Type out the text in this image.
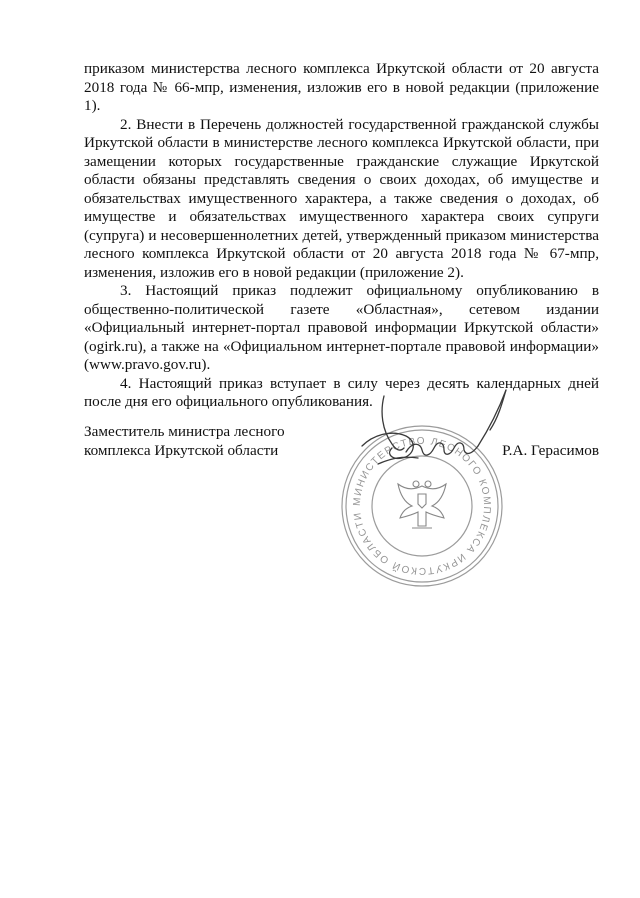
приказом министерства лесного комплекса Иркутской области от 20 августа 2018 года № 66-мпр, изменения, изложив его в новой редакции (приложение 1).

2. Внести в Перечень должностей государственной гражданской службы Иркутской области в министерстве лесного комплекса Иркутской области, при замещении которых государственные гражданские служащие Иркутской области обязаны представлять сведения о своих доходах, об имуществе и обязательствах имущественного характера, а также сведения о доходах, об имуществе и обязательствах имущественного характера своих супруги (супруга) и несовершеннолетних детей, утвержденный приказом министерства лесного комплекса Иркутской области от 20 августа 2018 года № 67-мпр, изменения, изложив его в новой редакции (приложение 2).

3. Настоящий приказ подлежит официальному опубликованию в общественно-политической газете «Областная», сетевом издании «Официальный интернет-портал правовой информации Иркутской области» (ogirk.ru), а также на «Официальном интернет-портале правовой информации» (www.pravo.gov.ru).

4. Настоящий приказ вступает в силу через десять календарных дней после дня его официального опубликования.

Заместитель министра лесного комплекса Иркутской области
МИНИСТЕРСТВО ЛЕСНОГО КОМПЛЕКСА ИРКУТСКОЙ ОБЛАСТИ
Р.А. Герасимов
